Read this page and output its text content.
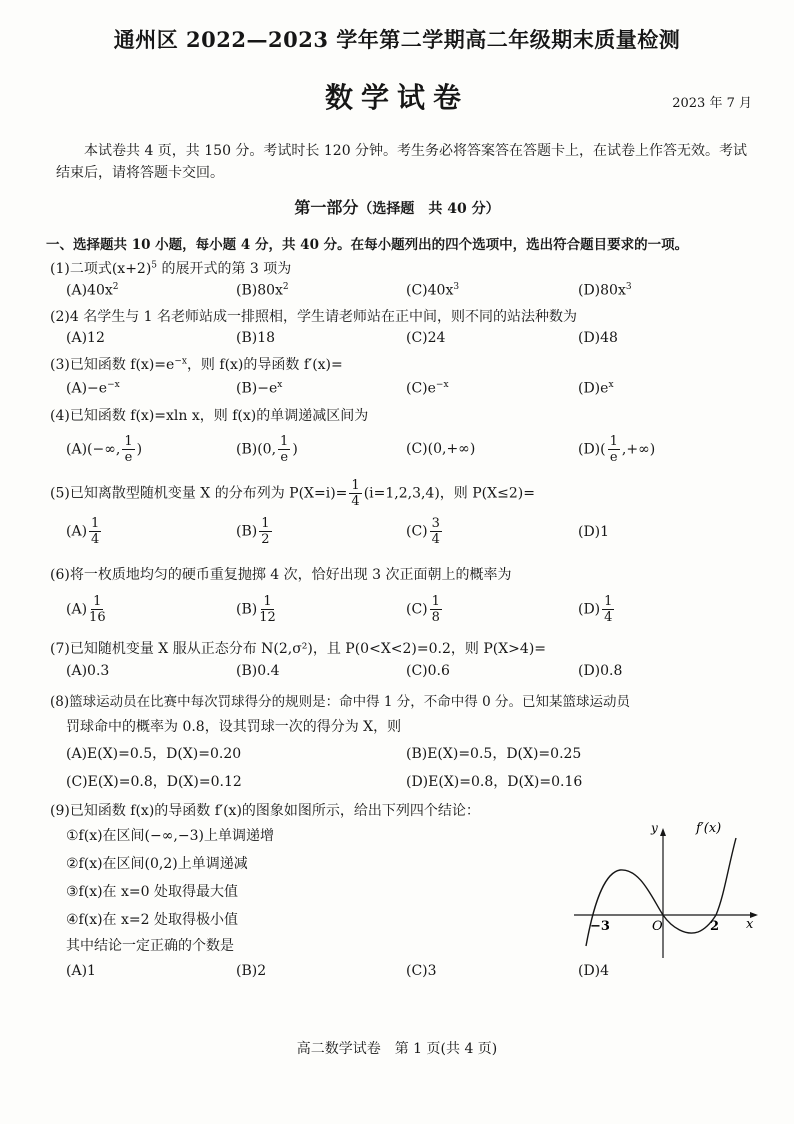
通州区 2022—2023 学年第二学期高二年级期末质量检测
数学试卷	2023 年 7 月
本试卷共 4 页，共 150 分。考试时长 120 分钟。考生务必将答案答在答题卡上，在试卷上作答无效。考试结束后，请将答题卡交回。
第一部分（选择题　共 40 分）
一、选择题共 10 小题，每小题 4 分，共 40 分。在每小题列出的四个选项中，选出符合题目要求的一项。
(1)二项式$(x+2)^5$ 的展开式的第 3 项为
$(A)40x^2$	$(B)80x^2$	$(C)40x^3$	$(D)80x^3$
(2)4 名学生与 1 名老师站成一排照相，学生请老师站在正中间，则不同的站法种数为
(A)12	(B)18	(C)24	(D)48
(3)已知函数 $f(x)=e^{-x}$，则 f(x)的导函数 f′(x)=
$(A)-e^{-x}$	$(B)-e^x$	$(C)e^{-x}$	$(D)e^x$
(4)已知函数 f(x)=xln x，则 f(x)的单调递减区间为
(A)(−∞, $\frac{1}{e}$ )	(B)(0, $\frac{1}{e}$ )	(C)(0,+∞)	$(D)( \frac{1}{e}$ ,+∞)
(5)已知离散型随机变量 X 的分布列为 $P(X=i)= \frac{1}{4} (i=1,2,3,4)$，则 P(X≤2)=
$(A) \frac{1}{4}$	$(B) \frac{1}{2}$	$(C) \frac{3}{4}$	(D)1
(6)将一枚质地均匀的硬币重复抛掷 4 次，恰好出现 3 次正面朝上的概率为
$(A) \frac{1}{16}$	$(B) \frac{1}{12}$	$(C) \frac{1}{8}$	$(D) \frac{1}{4}$
(7)已知随机变量 X 服从正态分布 N(2,σ²)，且 P(0<X<2)=0.2，则 P(X>4)=
(A)0.3	(B)0.4	(C)0.6	(D)0.8
(8)篮球运动员在比赛中每次罚球得分的规则是：命中得 1 分，不命中得 0 分。已知某篮球运动员
罚球命中的概率为 0.8，设其罚球一次的得分为 X，则
(A)E(X)=0.5，D(X)=0.20	(B)E(X)=0.5，D(X)=0.25
(C)E(X)=0.8，D(X)=0.12	(D)E(X)=0.8，D(X)=0.16
(9)已知函数 f(x)的导函数 f′(x)的图象如图所示，给出下列四个结论：
①f(x)在区间(−∞,−3)上单调递增
②f(x)在区间(0,2)上单调递减
③f(x)在 x=0 处取得最大值
④f(x)在 x=2 处取得极小值
其中结论一定正确的个数是
(A)1	(B)2	(C)3	(D)4
f′(x)
y
x
O
−3	2
高二数学试卷　第 1 页(共 4 页)
